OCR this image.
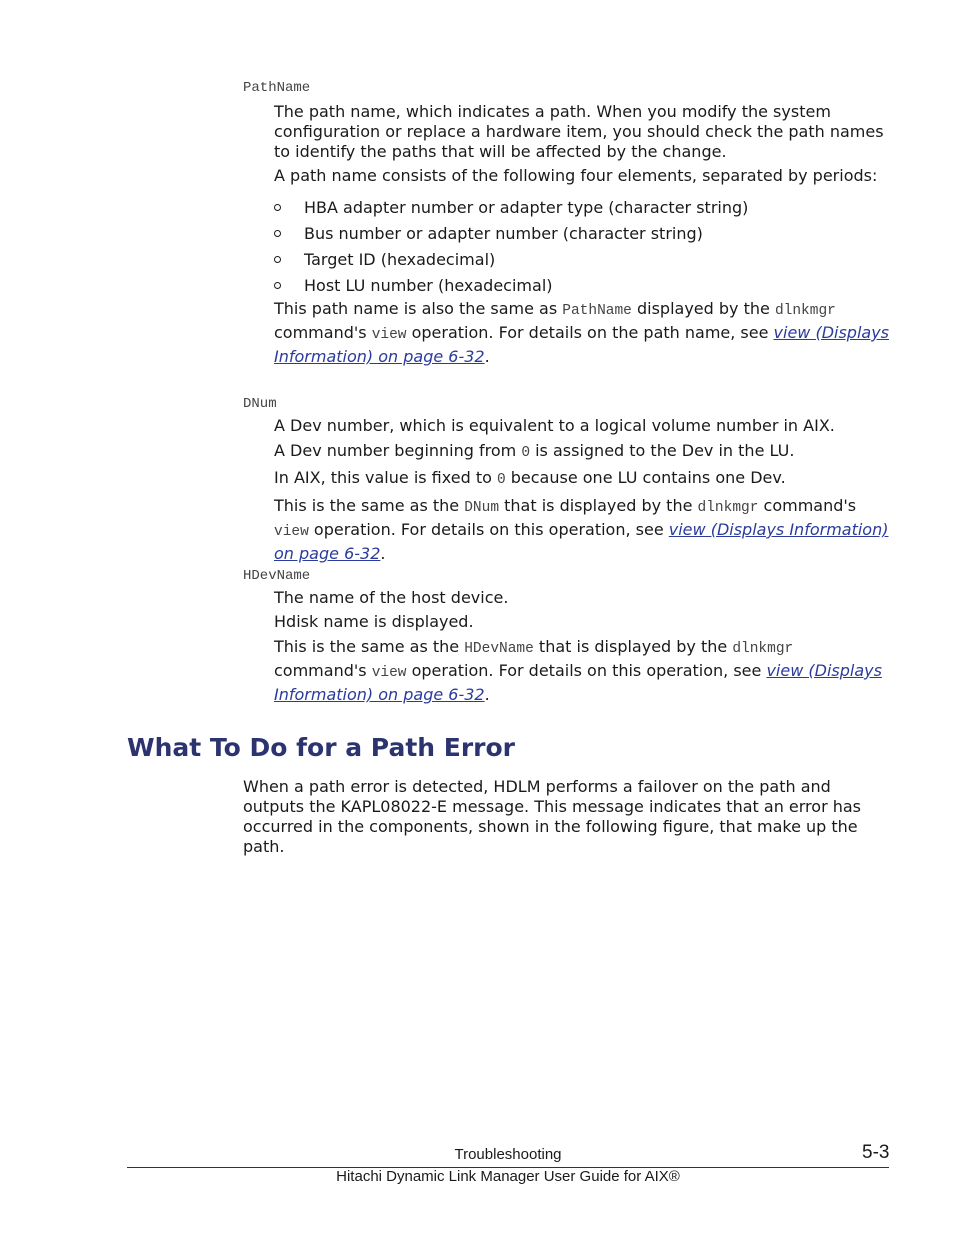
PathName

The path name, which indicates a path. When you modify the system configuration or replace a hardware item, you should check the path names to identify the paths that will be affected by the change.

A path name consists of the following four elements, separated by periods:

HBA adapter number or adapter type (character string)
Bus number or adapter number (character string)
Target ID (hexadecimal)
Host LU number (hexadecimal)

This path name is also the same as PathName displayed by the dlnkmgr command's view operation. For details on the path name, see view (Displays Information) on page 6-32.

DNum

A Dev number, which is equivalent to a logical volume number in AIX.

A Dev number beginning from 0 is assigned to the Dev in the LU.

In AIX, this value is fixed to 0 because one LU contains one Dev.

This is the same as the DNum that is displayed by the dlnkmgr command's view operation. For details on this operation, see view (Displays Information) on page 6-32.

HDevName

The name of the host device.

Hdisk name is displayed.

This is the same as the HDevName that is displayed by the dlnkmgr command's view operation. For details on this operation, see view (Displays Information) on page 6-32.

What To Do for a Path Error

When a path error is detected, HDLM performs a failover on the path and outputs the KAPL08022-E message. This message indicates that an error has occurred in the components, shown in the following figure, that make up the path.

Troubleshooting	5-3
Hitachi Dynamic Link Manager User Guide for AIX®
